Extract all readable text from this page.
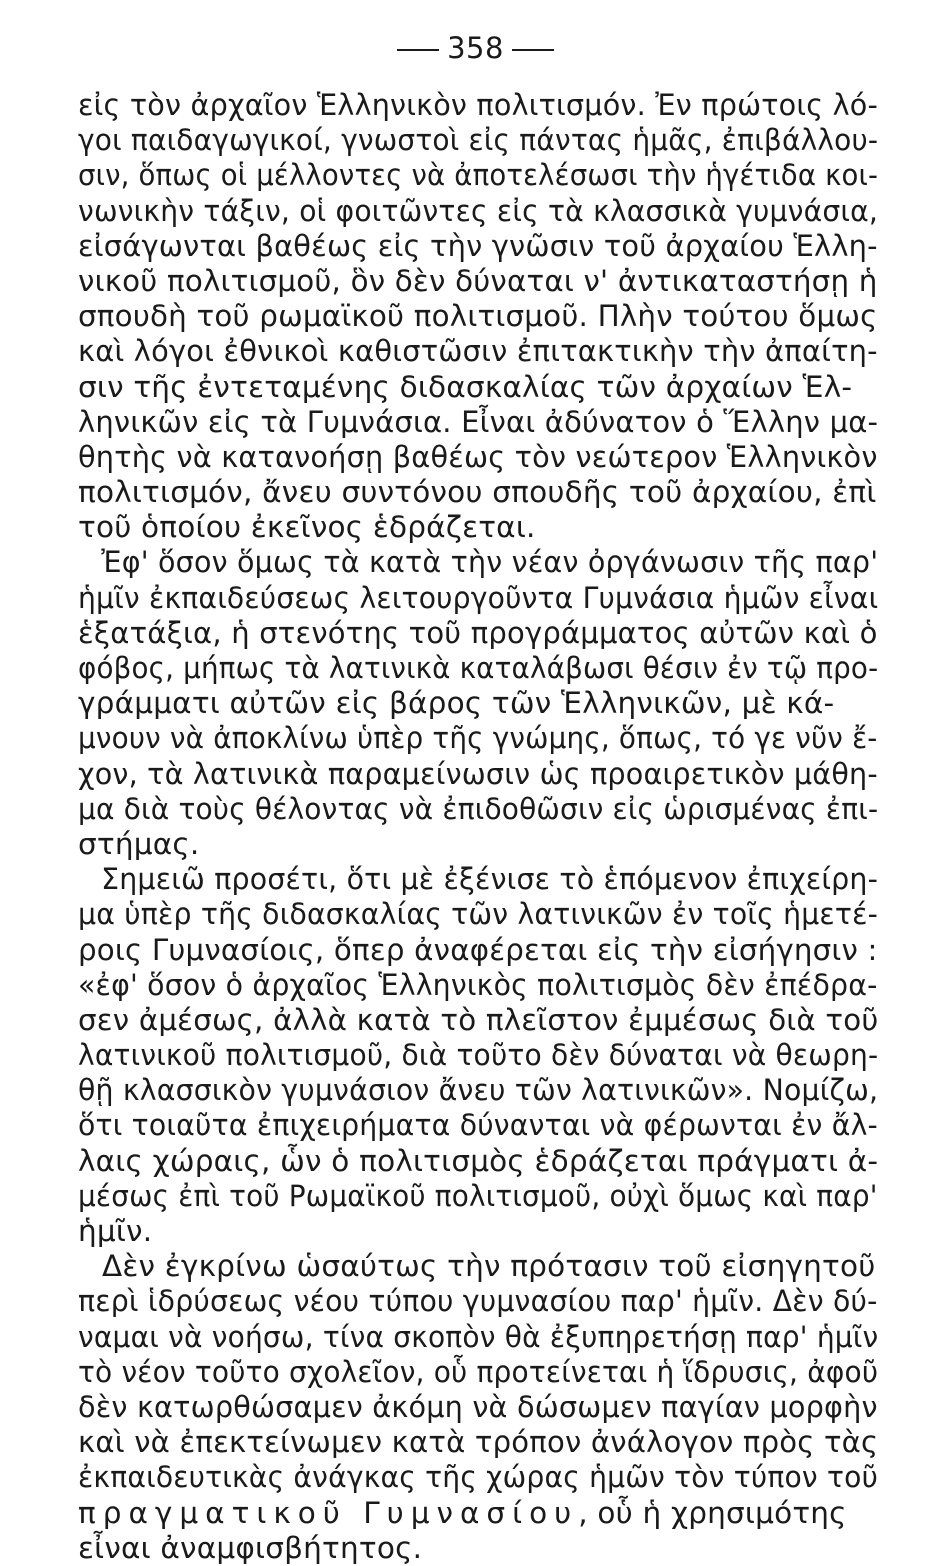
358
εἰς τὸν ἀρχαῖον Ἑλληνικὸν πολιτισμόν. Ἐν πρώτοις λό-
γοι παιδαγωγικοί, γνωστοὶ εἰς πάντας ἡμᾶς, ἐπιβάλλου-
σιν, ὅπως οἱ μέλλοντες νὰ ἀποτελέσωσι τὴν ἡγέτιδα κοι-
νωνικὴν τάξιν, οἱ φοιτῶντες εἰς τὰ κλασσικὰ γυμνάσια,
εἰσάγωνται βαθέως εἰς τὴν γνῶσιν τοῦ ἀρχαίου Ἑλλη-
νικοῦ πολιτισμοῦ, ὃν δὲν δύναται ν' ἀντικαταστήσῃ ἡ
σπουδὴ τοῦ ρωμαϊκοῦ πολιτισμοῦ. Πλὴν τούτου ὅμως
καὶ λόγοι ἐθνικοὶ καθιστῶσιν ἐπιτακτικὴν τὴν ἀπαίτη-
σιν τῆς ἐντεταμένης διδασκαλίας τῶν ἀρχαίων Ἑλ-
ληνικῶν εἰς τὰ Γυμνάσια. Εἶναι ἀδύνατον ὁ Ἕλλην μα-
θητὴς νὰ κατανοήσῃ βαθέως τὸν νεώτερον Ἑλληνικὸν
πολιτισμόν, ἄνευ συντόνου σπουδῆς τοῦ ἀρχαίου, ἐπὶ
τοῦ ὁποίου ἐκεῖνος ἑδράζεται.
Ἐφ' ὅσον ὅμως τὰ κατὰ τὴν νέαν ὀργάνωσιν τῆς παρ'
ἡμῖν ἐκπαιδεύσεως λειτουργοῦντα Γυμνάσια ἡμῶν εἶναι
ἑξατάξια, ἡ στενότης τοῦ προγράμματος αὐτῶν καὶ ὁ
φόβος, μήπως τὰ λατινικὰ καταλάβωσι θέσιν ἐν τῷ προ-
γράμματι αὐτῶν εἰς βάρος τῶν Ἑλληνικῶν, μὲ κά-
μνουν νὰ ἀποκλίνω ὑπὲρ τῆς γνώμης, ὅπως, τό γε νῦν ἔ-
χον, τὰ λατινικὰ παραμείνωσιν ὡς προαιρετικὸν μάθη-
μα διὰ τοὺς θέλοντας νὰ ἐπιδοθῶσιν εἰς ὡρισμένας ἐπι-
στήμας.
Σημειῶ προσέτι, ὅτι μὲ ἐξένισε τὸ ἑπόμενον ἐπιχείρη-
μα ὑπὲρ τῆς διδασκαλίας τῶν λατινικῶν ἐν τοῖς ἡμετέ-
ροις Γυμνασίοις, ὅπερ ἀναφέρεται εἰς τὴν εἰσήγησιν :
«ἐφ' ὅσον ὁ ἀρχαῖος Ἑλληνικὸς πολιτισμὸς δὲν ἐπέδρα-
σεν ἀμέσως, ἀλλὰ κατὰ τὸ πλεῖστον ἐμμέσως διὰ τοῦ
λατινικοῦ πολιτισμοῦ, διὰ τοῦτο δὲν δύναται νὰ θεωρη-
θῇ κλασσικὸν γυμνάσιον ἄνευ τῶν λατινικῶν». Νομίζω,
ὅτι τοιαῦτα ἐπιχειρήματα δύνανται νὰ φέρωνται ἐν ἄλ-
λαις χώραις, ὧν ὁ πολιτισμὸς ἑδράζεται πράγματι ἀ-
μέσως ἐπὶ τοῦ Ρωμαϊκοῦ πολιτισμοῦ, οὐχὶ ὅμως καὶ παρ'
ἡμῖν.
Δὲν ἐγκρίνω ὡσαύτως τὴν πρότασιν τοῦ εἰσηγητοῦ
περὶ ἱδρύσεως νέου τύπου γυμνασίου παρ' ἡμῖν. Δὲν δύ-
ναμαι νὰ νοήσω, τίνα σκοπὸν θὰ ἐξυπηρετήσῃ παρ' ἡμῖν
τὸ νέον τοῦτο σχολεῖον, οὗ προτείνεται ἡ ἵδρυσις, ἀφοῦ
δὲν κατωρθώσαμεν ἀκόμη νὰ δώσωμεν παγίαν μορφὴν
καὶ νὰ ἐπεκτείνωμεν κατὰ τρόπον ἀνάλογον πρὸς τὰς
ἐκπαιδευτικὰς ἀνάγκας τῆς χώρας ἡμῶν τὸν τύπον τοῦ
πραγματικοῦ Γυμνασίου, οὗ ἡ χρησιμότης
εἶναι ἀναμφισβήτητος.
